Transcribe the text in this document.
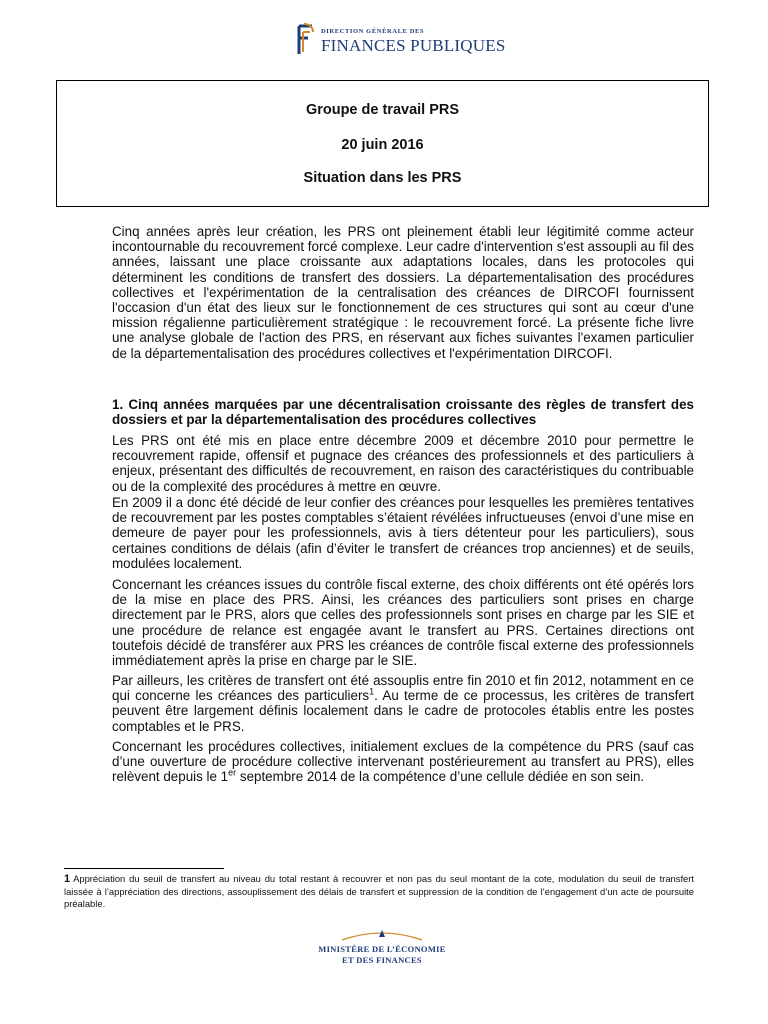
DIRECTION GÉNÉRALE DES
FINANCES PUBLIQUES
Groupe de travail PRS
20 juin 2016
Situation dans les PRS

Cinq années après leur création, les PRS ont pleinement établi leur légitimité comme acteur incontournable du recouvrement forcé complexe. Leur cadre d'intervention s'est assoupli au fil des années, laissant une place croissante aux adaptations locales, dans les protocoles qui déterminent les conditions de transfert des dossiers. La départementalisation des procédures collectives et l'expérimentation de la centralisation des créances de DIRCOFI fournissent l'occasion d'un état des lieux sur le fonctionnement de ces structures qui sont au cœur d'une mission régalienne particulièrement stratégique : le recouvrement forcé. La présente fiche livre une analyse globale de l'action des PRS, en réservant aux fiches suivantes l'examen particulier de la départementalisation des procédures collectives et l'expérimentation DIRCOFI.

1. Cinq années marquées par une décentralisation croissante des règles de transfert des dossiers et par la départementalisation des procédures collectives

Les PRS ont été mis en place entre décembre 2009 et décembre 2010 pour permettre le recouvrement rapide, offensif et pugnace des créances des professionnels et des particuliers à enjeux, présentant des difficultés de recouvrement, en raison des caractéristiques du contribuable ou de la complexité des procédures à mettre en œuvre.

En 2009 il a donc été décidé de leur confier des créances pour lesquelles les premières tentatives de recouvrement par les postes comptables s’étaient révélées infructueuses (envoi d’une mise en demeure de payer pour les professionnels, avis à tiers détenteur pour les particuliers), sous certaines conditions de délais (afin d’éviter le transfert de créances trop anciennes) et de seuils, modulées localement.

Concernant les créances issues du contrôle fiscal externe, des choix différents ont été opérés lors de la mise en place des PRS. Ainsi, les créances des particuliers sont prises en charge directement par le PRS, alors que celles des professionnels sont prises en charge par les SIE et une procédure de relance est engagée avant le transfert au PRS. Certaines directions ont toutefois décidé de transférer aux PRS les créances de contrôle fiscal externe des professionnels immédiatement après la prise en charge par le SIE.

Par ailleurs, les critères de transfert ont été assouplis entre fin 2010 et fin 2012, notamment en ce qui concerne les créances des particuliers$^1$. Au terme de ce processus, les critères de transfert peuvent être largement définis localement dans le cadre de protocoles établis entre les postes comptables et le PRS.

Concernant les procédures collectives, initialement exclues de la compétence du PRS (sauf cas d’une ouverture de procédure collective intervenant postérieurement au transfert au PRS), elles relèvent depuis le 1er septembre 2014 de la compétence d’une cellule dédiée en son sein.

1 Appréciation du seuil de transfert au niveau du total restant à recouvrer et non pas du seul montant de la cote, modulation du seuil de transfert laissée à l’appréciation des directions, assouplissement des délais de transfert et suppression de la condition de l’engagement d’un acte de poursuite préalable.

MINISTÈRE DE L’ÉCONOMIE
ET DES FINANCES
